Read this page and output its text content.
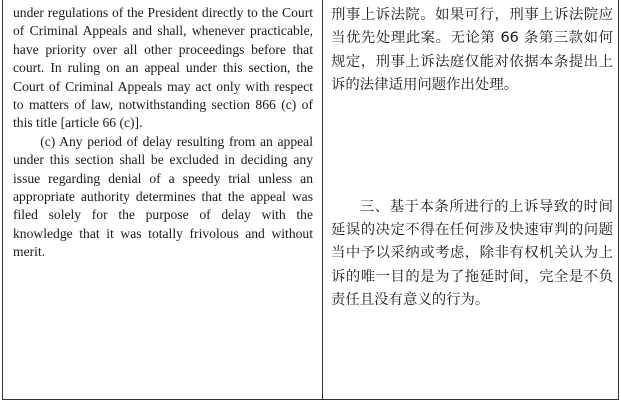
under regulations of the President directly to the Court of Criminal Appeals and shall, whenever practicable, have priority over all other proceedings before that court. In ruling on an appeal under this section, the Court of Criminal Appeals may act only with respect to matters of law, notwithstanding section 866 (c) of this title [article 66 (c)].

(c) Any period of delay resulting from an appeal under this section shall be excluded in deciding any issue regarding denial of a speedy trial unless an appropriate authority determines that the appeal was filed solely for the purpose of delay with the knowledge that it was totally frivolous and without merit.

刑事上诉法院。如果可行，刑事上诉法院应当优先处理此案。无论第 66 条第三款如何规定，刑事上诉法庭仅能对依据本条提出上诉的法律适用问题作出处理。

三、基于本条所进行的上诉导致的时间延误的决定不得在任何涉及快速审判的问题当中予以采纳或考虑，除非有权机关认为上诉的唯一目的是为了拖延时间，完全是不负责任且没有意义的行为。
